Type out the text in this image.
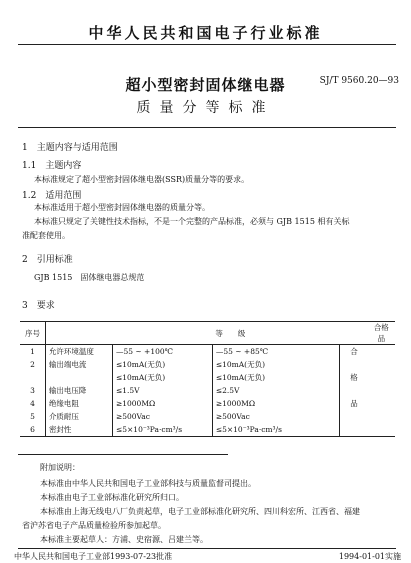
中华人民共和国电子行业标准
SJ/T 9560.20—93
超小型密封固体继电器
质量分等标准
1　主题内容与适用范围
1.1　主题内容
本标准规定了超小型密封固体继电器(SSR)质量分等的要求。
1.2　适用范围
本标准适用于超小型密封固体继电器的质量分等。
本标准只规定了关键性技术指标，不是一个完整的产品标准，必须与 GJB 1515 相有关标
准配套使用。
2　引用标准
GJB 1515　固体继电器总规范
3　要求
序号			等　　级		合格品
1	允许环境温度	—55 ~ +100℃	—55 ~ +85℃	合	
2	输出端电流	≤10mA(无负)	≤10mA(无负)		
		≤10mA(无负)	≤10mA(无负)	格	
3	输出电压降	≤1.5V	≤2.5V		
4	绝缘电阻	≥1000MΩ	≥1000MΩ	品	
5	介质耐压	≥500Vac	≥500Vac		
6	密封性	≤5×10⁻³Pa·cm³/s	≤5×10⁻³Pa·cm³/s		
附加说明：
本标准由中华人民共和国电子工业部科技与质量监督司提出。
本标准由电子工业部标准化研究所归口。
本标准由上海无线电八厂负责起草，电子工业部标准化研究所、四川科宏所、江西省、福建
省沪苏省电子产品质量检验所参加起草。
本标准主要起草人：方浦、史宿源、吕建兰等。
中华人民共和国电子工业部1993-07-23批准	1994-01-01实施
